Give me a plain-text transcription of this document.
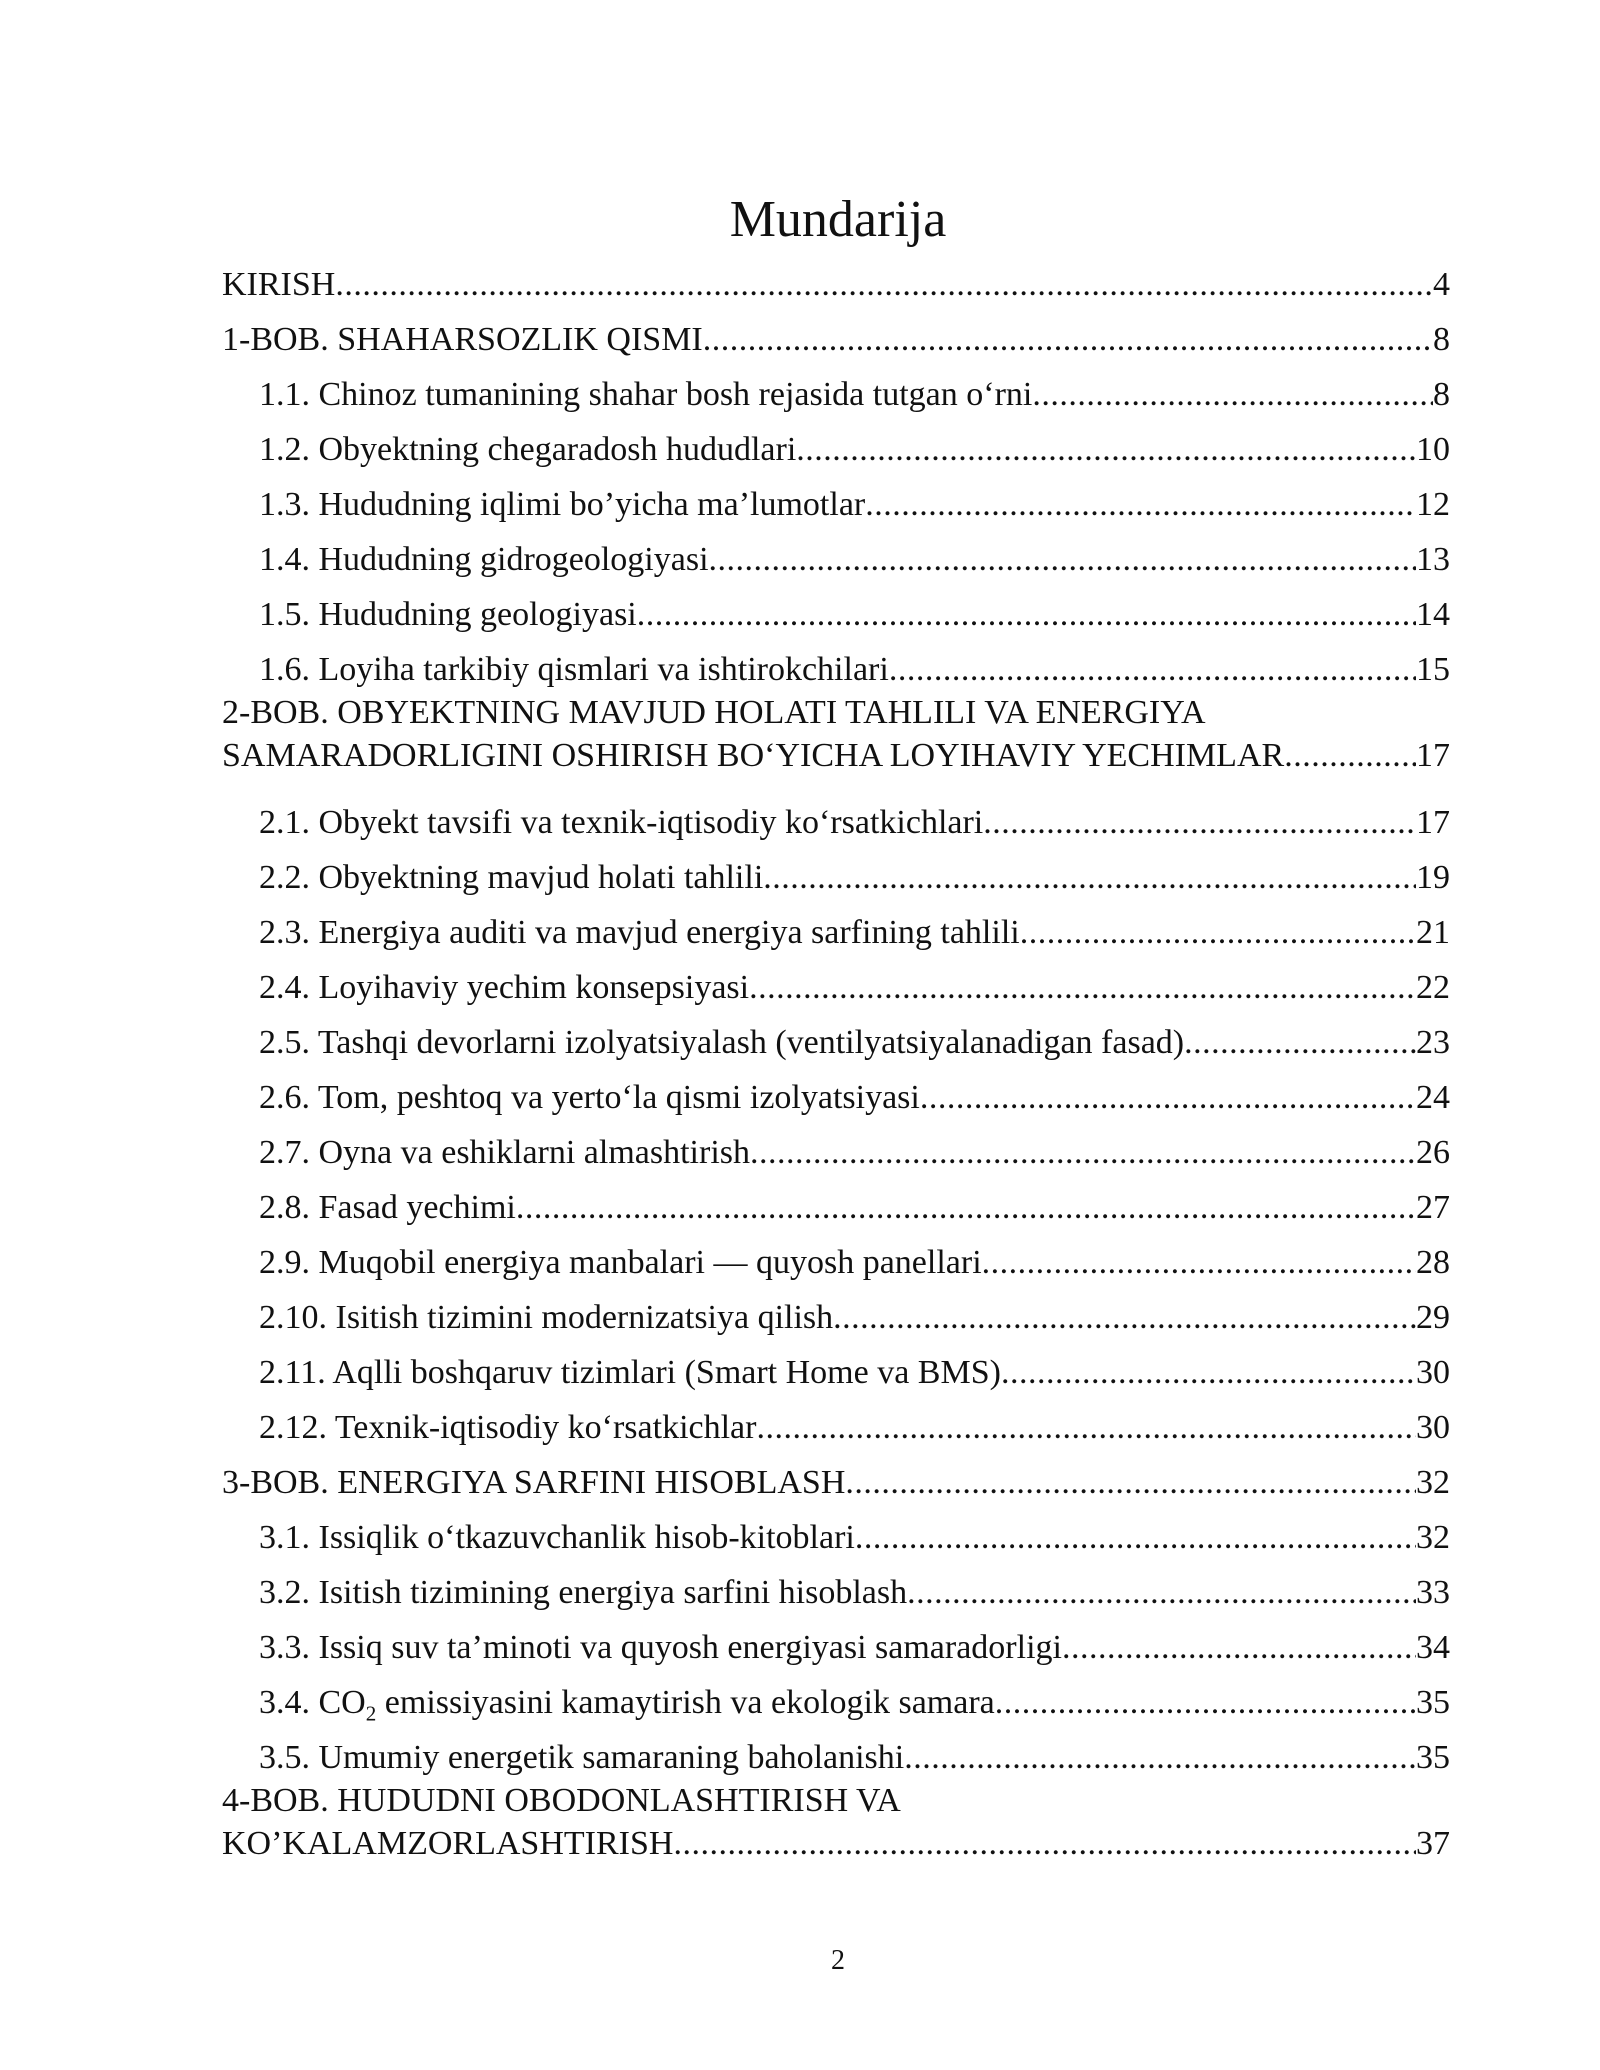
Mundarija
KIRISH .....	4
1-BOB. SHAHARSOZLIK QISMI .....	8
1.1. Chinoz tumanining shahar bosh rejasida tutgan o‘rni .....	8
1.2. Obyektning chegaradosh hududlari .....	10
1.3. Hududning iqlimi bo’yicha ma’lumotlar .....	12
1.4. Hududning gidrogeologiyasi .....	13
1.5. Hududning geologiyasi .....	14
1.6. Loyiha tarkibiy qismlari va ishtirokchilari .....	15
2-BOB. OBYEKTNING MAVJUD HOLATI TAHLILI VA ENERGIYA
SAMARADORLIGINI OSHIRISH BO‘YICHA LOYIHAVIY YECHIMLAR .....	17
2.1. Obyekt tavsifi va texnik-iqtisodiy ko‘rsatkichlari .....	17
2.2. Obyektning mavjud holati tahlili .....	19
2.3. Energiya auditi va mavjud energiya sarfining tahlili .....	21
2.4. Loyihaviy yechim konsepsiyasi .....	22
2.5. Tashqi devorlarni izolyatsiyalash (ventilyatsiyalanadigan fasad) .....	23
2.6. Tom, peshtoq va yerto‘la qismi izolyatsiyasi .....	24
2.7. Oyna va eshiklarni almashtirish .....	26
2.8. Fasad yechimi .....	27
2.9. Muqobil energiya manbalari — quyosh panellari .....	28
2.10. Isitish tizimini modernizatsiya qilish .....	29
2.11. Aqlli boshqaruv tizimlari (Smart Home va BMS) .....	30
2.12. Texnik-iqtisodiy ko‘rsatkichlar .....	30
3-BOB. ENERGIYA SARFINI HISOBLASH .....	32
3.1. Issiqlik o‘tkazuvchanlik hisob-kitoblari .....	32
3.2. Isitish tizimining energiya sarfini hisoblash .....	33
3.3. Issiq suv ta’minoti va quyosh energiyasi samaradorligi .....	34
3.4. $CO_2$ emissiyasini kamaytirish va ekologik samara .....	35
3.5. Umumiy energetik samaraning baholanishi .....	35
4-BOB. HUDUDNI OBODONLASHTIRISH VA
KO’KALAMZORLASHTIRISH .....	37
2
